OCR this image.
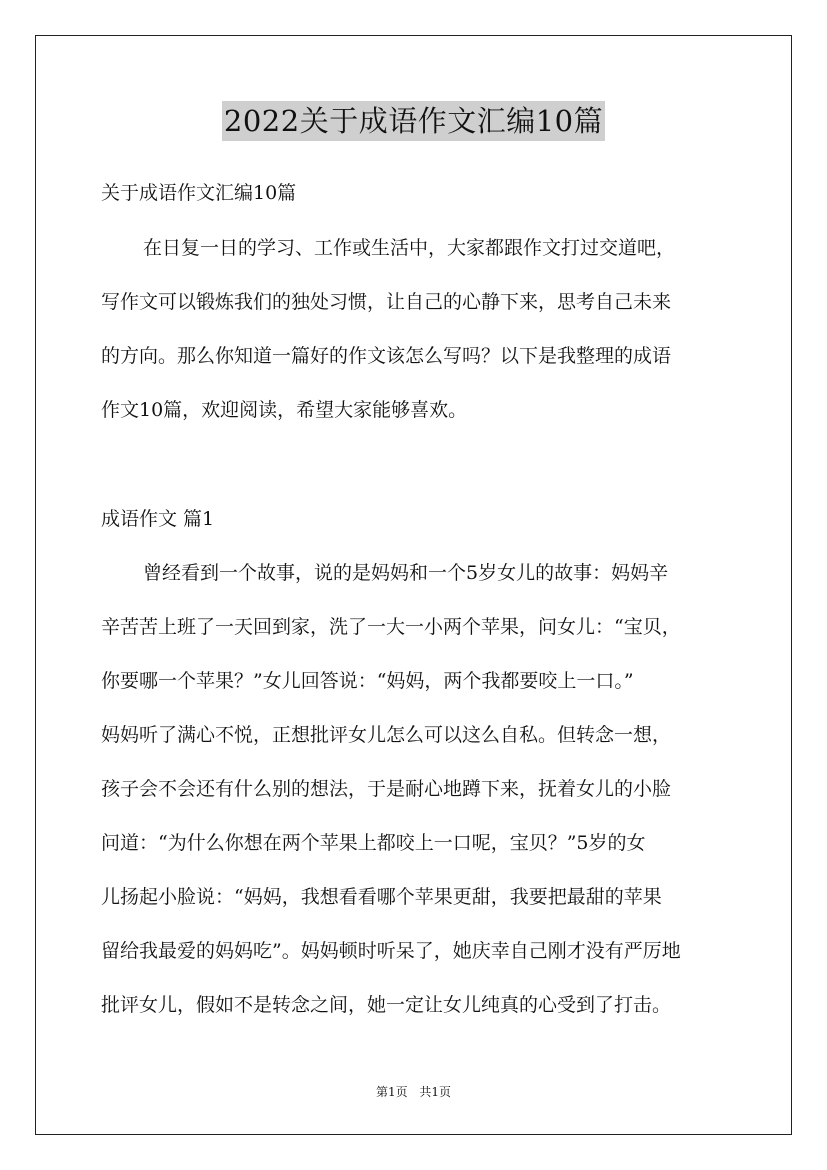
2022关于成语作文汇编10篇
关于成语作文汇编10篇
在日复一日的学习、工作或生活中，大家都跟作文打过交道吧，
写作文可以锻炼我们的独处习惯，让自己的心静下来，思考自己未来
的方向。那么你知道一篇好的作文该怎么写吗？以下是我整理的成语
作文10篇，欢迎阅读，希望大家能够喜欢。
成语作文 篇1
曾经看到一个故事，说的是妈妈和一个5岁女儿的故事：妈妈辛
辛苦苦上班了一天回到家，洗了一大一小两个苹果，问女儿：“宝贝，
你要哪一个苹果？”女儿回答说：“妈妈，两个我都要咬上一口。”
妈妈听了满心不悦，正想批评女儿怎么可以这么自私。但转念一想，
孩子会不会还有什么别的想法，于是耐心地蹲下来，抚着女儿的小脸
问道：“为什么你想在两个苹果上都咬上一口呢，宝贝？”5岁的女
儿扬起小脸说：“妈妈，我想看看哪个苹果更甜，我要把最甜的苹果
留给我最爱的妈妈吃”。妈妈顿时听呆了，她庆幸自己刚才没有严厉地
批评女儿，假如不是转念之间，她一定让女儿纯真的心受到了打击。
第1页 共1页
